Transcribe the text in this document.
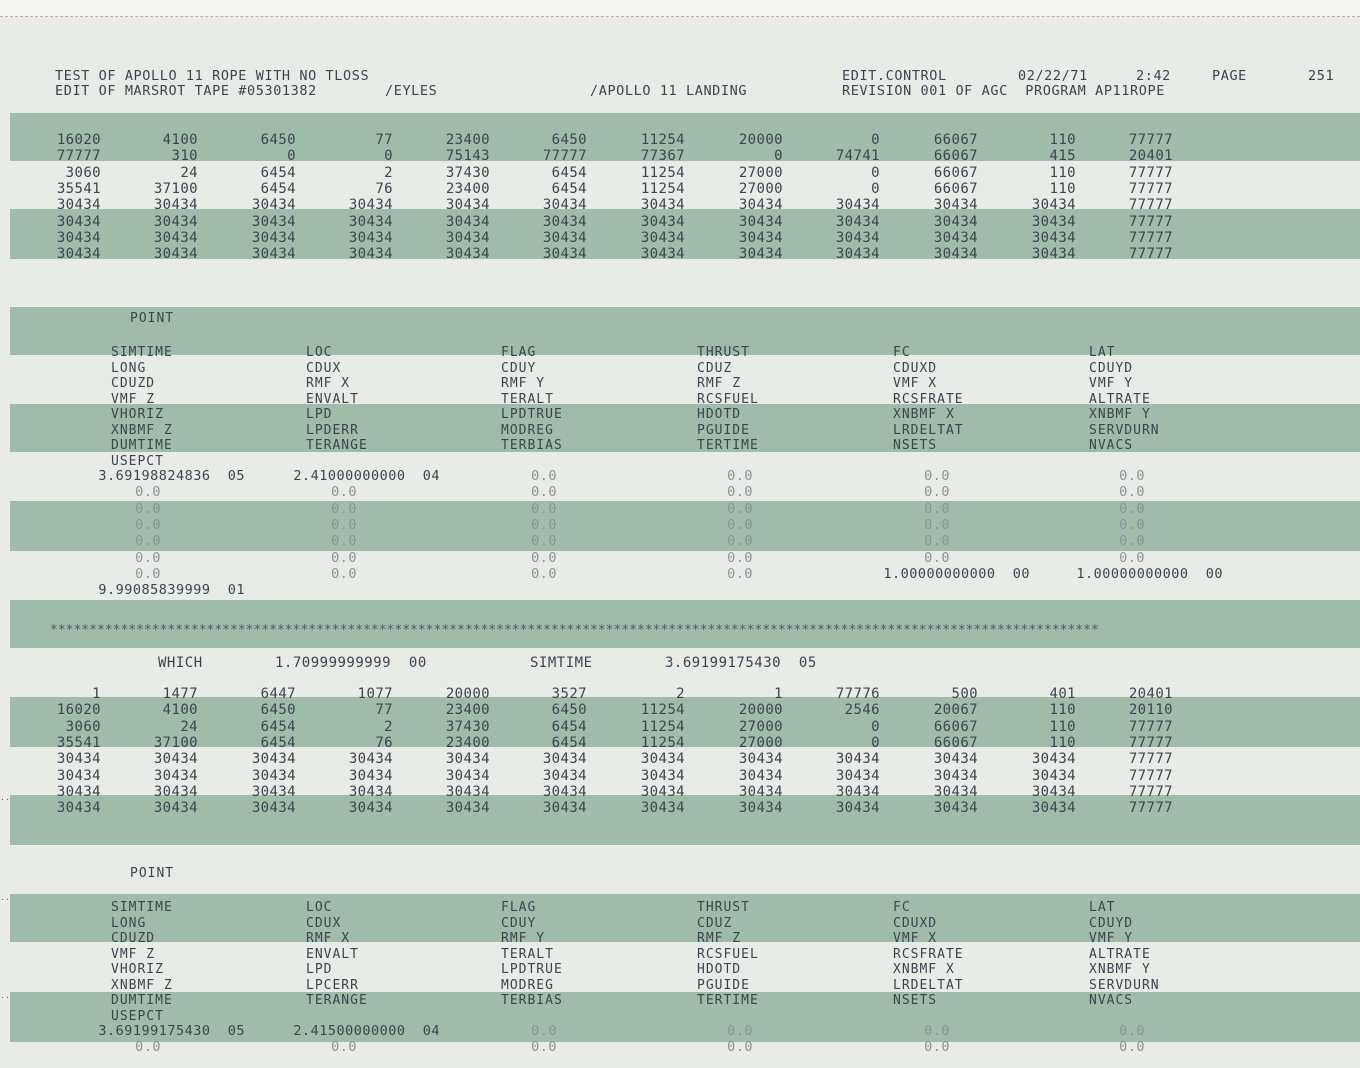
··
··
··
TEST OF APOLLO 11 ROPE WITH NO TLOSS
EDIT OF MARSROT TAPE #05301382	/EYLES	/APOLLO 11 LANDING
EDIT.CONTROL	02/22/71	2:42	PAGE	251
REVISION 001 OF AGC  PROGRAM AP11ROPE
16020	4100	6450	77	23400	6450	11254	20000	0	66067	110	77777
77777	310	0	0	75143	77777	77367	0	74741	66067	415	20401
3060	24	6454	2	37430	6454	11254	27000	0	66067	110	77777
35541	37100	6454	76	23400	6454	11254	27000	0	66067	110	77777
30434	30434	30434	30434	30434	30434	30434	30434	30434	30434	30434	77777
30434	30434	30434	30434	30434	30434	30434	30434	30434	30434	30434	77777
30434	30434	30434	30434	30434	30434	30434	30434	30434	30434	30434	77777
30434	30434	30434	30434	30434	30434	30434	30434	30434	30434	30434	77777
POINT
SIMTIME	LOC	FLAG	THRUST	FC	LAT
LONG	CDUX	CDUY	CDUZ	CDUXD	CDUYD
CDUZD	RMF X	RMF Y	RMF Z	VMF X	VMF Y
VMF Z	ENVALT	TERALT	RCSFUEL	RCSFRATE	ALTRATE
VHORIZ	LPD	LPDTRUE	HDOTD	XNBMF X	XNBMF Y
XNBMF Z	LPDERR	MODREG	PGUIDE	LRDELTAT	SERVDURN
DUMTIME	TERANGE	TERBIAS	TERTIME	NSETS	NVACS
USEPCT
3.69198824836  05	2.41000000000  04	0.0	0.0	0.0	0.0
0.0	0.0	0.0	0.0	0.0	0.0
0.0	0.0	0.0	0.0	0.0	0.0
0.0	0.0	0.0	0.0	0.0	0.0
0.0	0.0	0.0	0.0	0.0	0.0
0.0	0.0	0.0	0.0	0.0	0.0
0.0	0.0	0.0	0.0	1.00000000000  00	1.00000000000  00
9.99085839999  01
**************************************************************************************************************************************
WHICH	1.70999999999  00	SIMTIME	3.69199175430  05
1	1477	6447	1077	20000	3527	2	1	77776	500	401	20401
16020	4100	6450	77	23400	6450	11254	20000	2546	20067	110	20110
3060	24	6454	2	37430	6454	11254	27000	0	66067	110	77777
35541	37100	6454	76	23400	6454	11254	27000	0	66067	110	77777
30434	30434	30434	30434	30434	30434	30434	30434	30434	30434	30434	77777
30434	30434	30434	30434	30434	30434	30434	30434	30434	30434	30434	77777
30434	30434	30434	30434	30434	30434	30434	30434	30434	30434	30434	77777
30434	30434	30434	30434	30434	30434	30434	30434	30434	30434	30434	77777
POINT
SIMTIME	LOC	FLAG	THRUST	FC	LAT
LONG	CDUX	CDUY	CDUZ	CDUXD	CDUYD
CDUZD	RMF X	RMF Y	RMF Z	VMF X	VMF Y
VMF Z	ENVALT	TERALT	RCSFUEL	RCSFRATE	ALTRATE
VHORIZ	LPD	LPDTRUE	HDOTD	XNBMF X	XNBMF Y
XNBMF Z	LPCERR	MODREG	PGUIDE	LRDELTAT	SERVDURN
DUMTIME	TERANGE	TERBIAS	TERTIME	NSETS	NVACS
USEPCT
3.69199175430  05	2.41500000000  04	0.0	0.0	0.0	0.0
0.0	0.0	0.0	0.0	0.0	0.0
